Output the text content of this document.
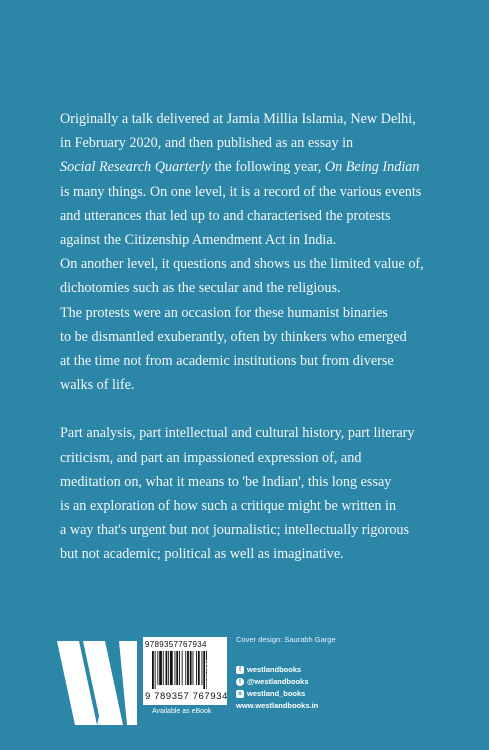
Originally a talk delivered at Jamia Millia Islamia, New Delhi,

in February 2020, and then published as an essay in

Social Research Quarterly the following year, On Being Indian

is many things. On one level, it is a record of the various events

and utterances that led up to and characterised the protests

against the Citizenship Amendment Act in India.

On another level, it questions and shows us the limited value of,

dichotomies such as the secular and the religious.

The protests were an occasion for these humanist binaries

to be dismantled exuberantly, often by thinkers who emerged

at the time not from academic institutions but from diverse

walks of life.

Part analysis, part intellectual and cultural history, part literary

criticism, and part an impassioned expression of, and

meditation on, what it means to 'be Indian', this long essay

is an exploration of how such a critique might be written in

a way that's urgent but not journalistic; intellectually rigorous

but not academic; political as well as imaginative.

9789357767934
9 789357 767934
non-fiction
Available as eBook
Cover design: Saurabh Garge
f westlandbooks
t @westlandbooks
o westland_books
www.westlandbooks.in
